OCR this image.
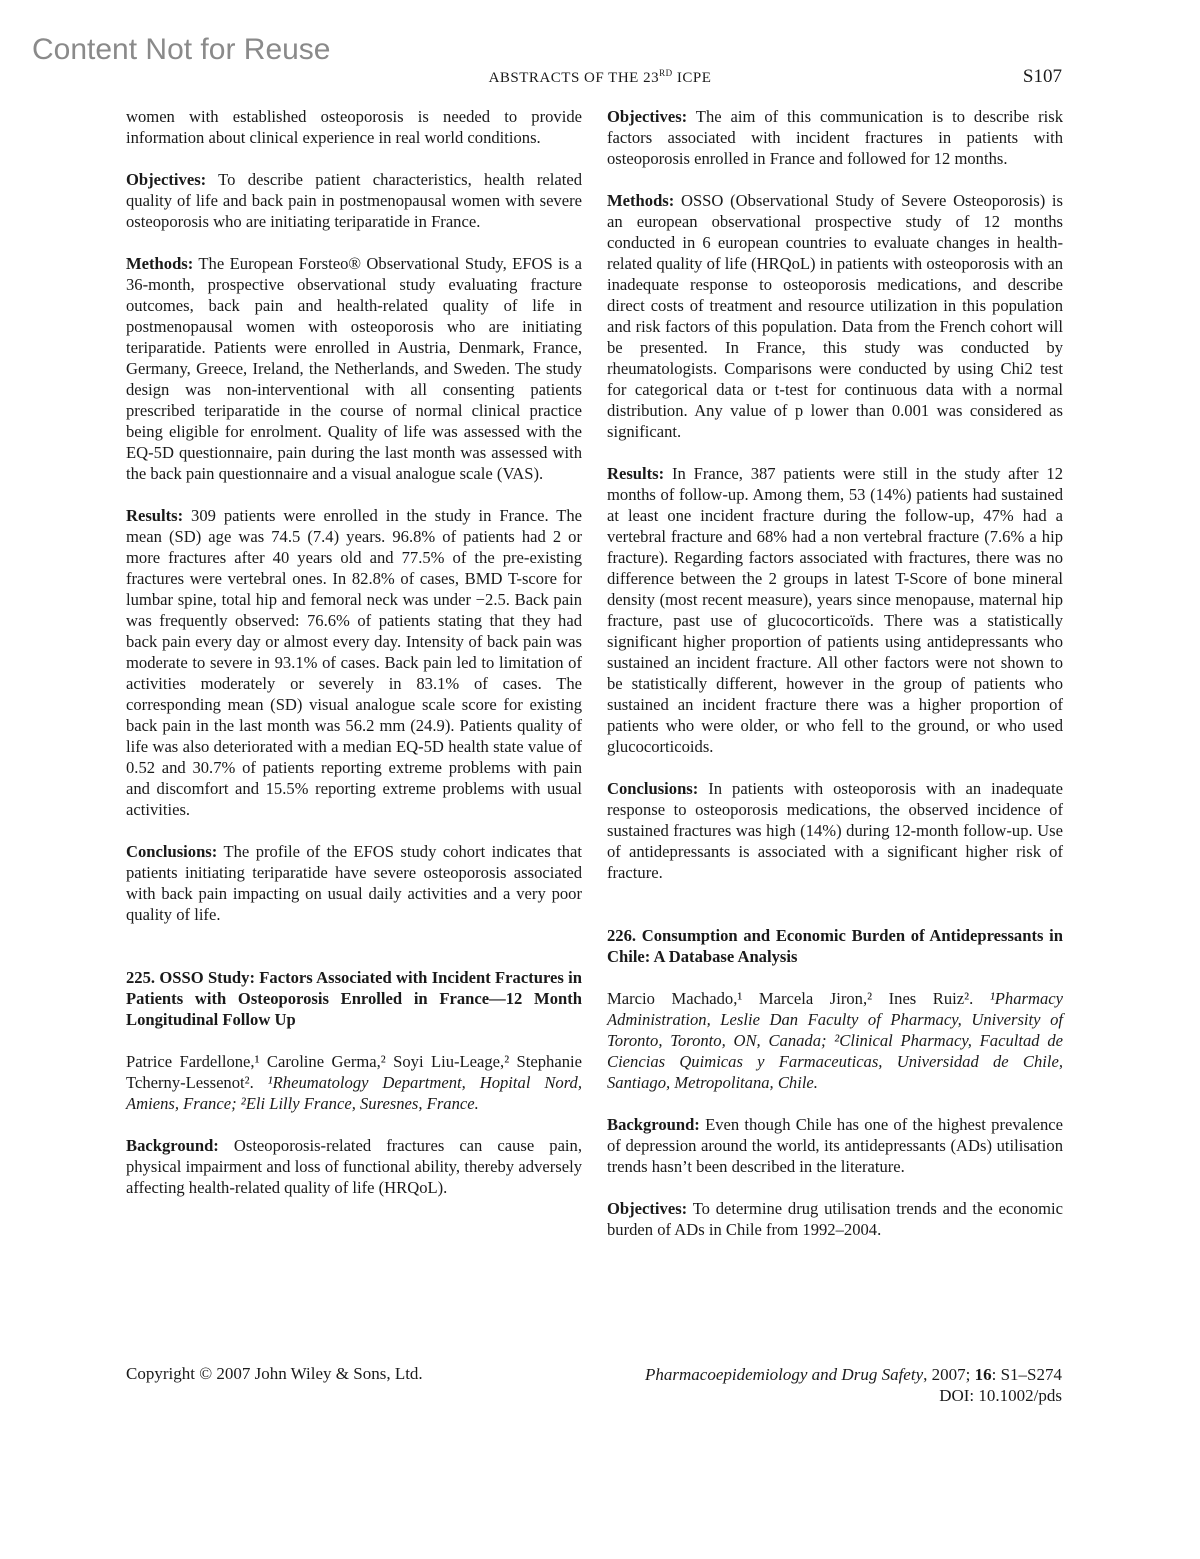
Content Not for Reuse
ABSTRACTS OF THE 23RD ICPE	S107

women with established osteoporosis is needed to provide information about clinical experience in real world conditions.

Objectives: To describe patient characteristics, health related quality of life and back pain in postmenopausal women with severe osteoporosis who are initiating teriparatide in France.

Methods: The European Forsteo® Observational Study, EFOS is a 36-month, prospective observational study evaluating fracture outcomes, back pain and health-related quality of life in postmenopausal women with osteoporosis who are initiating teriparatide. Patients were enrolled in Austria, Denmark, France, Germany, Greece, Ireland, the Netherlands, and Sweden. The study design was non-interventional with all consenting patients prescribed teriparatide in the course of normal clinical practice being eligible for enrolment. Quality of life was assessed with the EQ-5D questionnaire, pain during the last month was assessed with the back pain questionnaire and a visual analogue scale (VAS).

Results: 309 patients were enrolled in the study in France. The mean (SD) age was 74.5 (7.4) years. 96.8% of patients had 2 or more fractures after 40 years old and 77.5% of the pre-existing fractures were vertebral ones. In 82.8% of cases, BMD T-score for lumbar spine, total hip and femoral neck was under −2.5. Back pain was frequently observed: 76.6% of patients stating that they had back pain every day or almost every day. Intensity of back pain was moderate to severe in 93.1% of cases. Back pain led to limitation of activities moderately or severely in 83.1% of cases. The corresponding mean (SD) visual analogue scale score for existing back pain in the last month was 56.2 mm (24.9). Patients quality of life was also deteriorated with a median EQ-5D health state value of 0.52 and 30.7% of patients reporting extreme problems with pain and discomfort and 15.5% reporting extreme problems with usual activities.

Conclusions: The profile of the EFOS study cohort indicates that patients initiating teriparatide have severe osteoporosis associated with back pain impacting on usual daily activities and a very poor quality of life.

225. OSSO Study: Factors Associated with Incident Fractures in Patients with Osteoporosis Enrolled in France—12 Month Longitudinal Follow Up

Patrice Fardellone,¹ Caroline Germa,² Soyi Liu-Leage,² Stephanie Tcherny-Lessenot². ¹Rheumatology Department, Hopital Nord, Amiens, France; ²Eli Lilly France, Suresnes, France.

Background: Osteoporosis-related fractures can cause pain, physical impairment and loss of functional ability, thereby adversely affecting health-related quality of life (HRQoL).

Objectives: The aim of this communication is to describe risk factors associated with incident fractures in patients with osteoporosis enrolled in France and followed for 12 months.

Methods: OSSO (Observational Study of Severe Osteoporosis) is an european observational prospective study of 12 months conducted in 6 european countries to evaluate changes in health-related quality of life (HRQoL) in patients with osteoporosis with an inadequate response to osteoporosis medications, and describe direct costs of treatment and resource utilization in this population and risk factors of this population. Data from the French cohort will be presented. In France, this study was conducted by rheumatologists. Comparisons were conducted by using Chi2 test for categorical data or t-test for continuous data with a normal distribution. Any value of p lower than 0.001 was considered as significant.

Results: In France, 387 patients were still in the study after 12 months of follow-up. Among them, 53 (14%) patients had sustained at least one incident fracture during the follow-up, 47% had a vertebral fracture and 68% had a non vertebral fracture (7.6% a hip fracture). Regarding factors associated with fractures, there was no difference between the 2 groups in latest T-Score of bone mineral density (most recent measure), years since menopause, maternal hip fracture, past use of glucocorticoïds. There was a statistically significant higher proportion of patients using antidepressants who sustained an incident fracture. All other factors were not shown to be statistically different, however in the group of patients who sustained an incident fracture there was a higher proportion of patients who were older, or who fell to the ground, or who used glucocorticoids.

Conclusions: In patients with osteoporosis with an inadequate response to osteoporosis medications, the observed incidence of sustained fractures was high (14%) during 12-month follow-up. Use of antidepressants is associated with a significant higher risk of fracture.

226. Consumption and Economic Burden of Antidepressants in Chile: A Database Analysis

Marcio Machado,¹ Marcela Jiron,² Ines Ruiz². ¹Pharmacy Administration, Leslie Dan Faculty of Pharmacy, University of Toronto, Toronto, ON, Canada; ²Clinical Pharmacy, Facultad de Ciencias Quimicas y Farmaceuticas, Universidad de Chile, Santiago, Metropolitana, Chile.

Background: Even though Chile has one of the highest prevalence of depression around the world, its antidepressants (ADs) utilisation trends hasn’t been described in the literature.

Objectives: To determine drug utilisation trends and the economic burden of ADs in Chile from 1992–2004.

Copyright © 2007 John Wiley & Sons, Ltd.	Pharmacoepidemiology and Drug Safety, 2007; 16: S1–S274
DOI: 10.1002/pds
